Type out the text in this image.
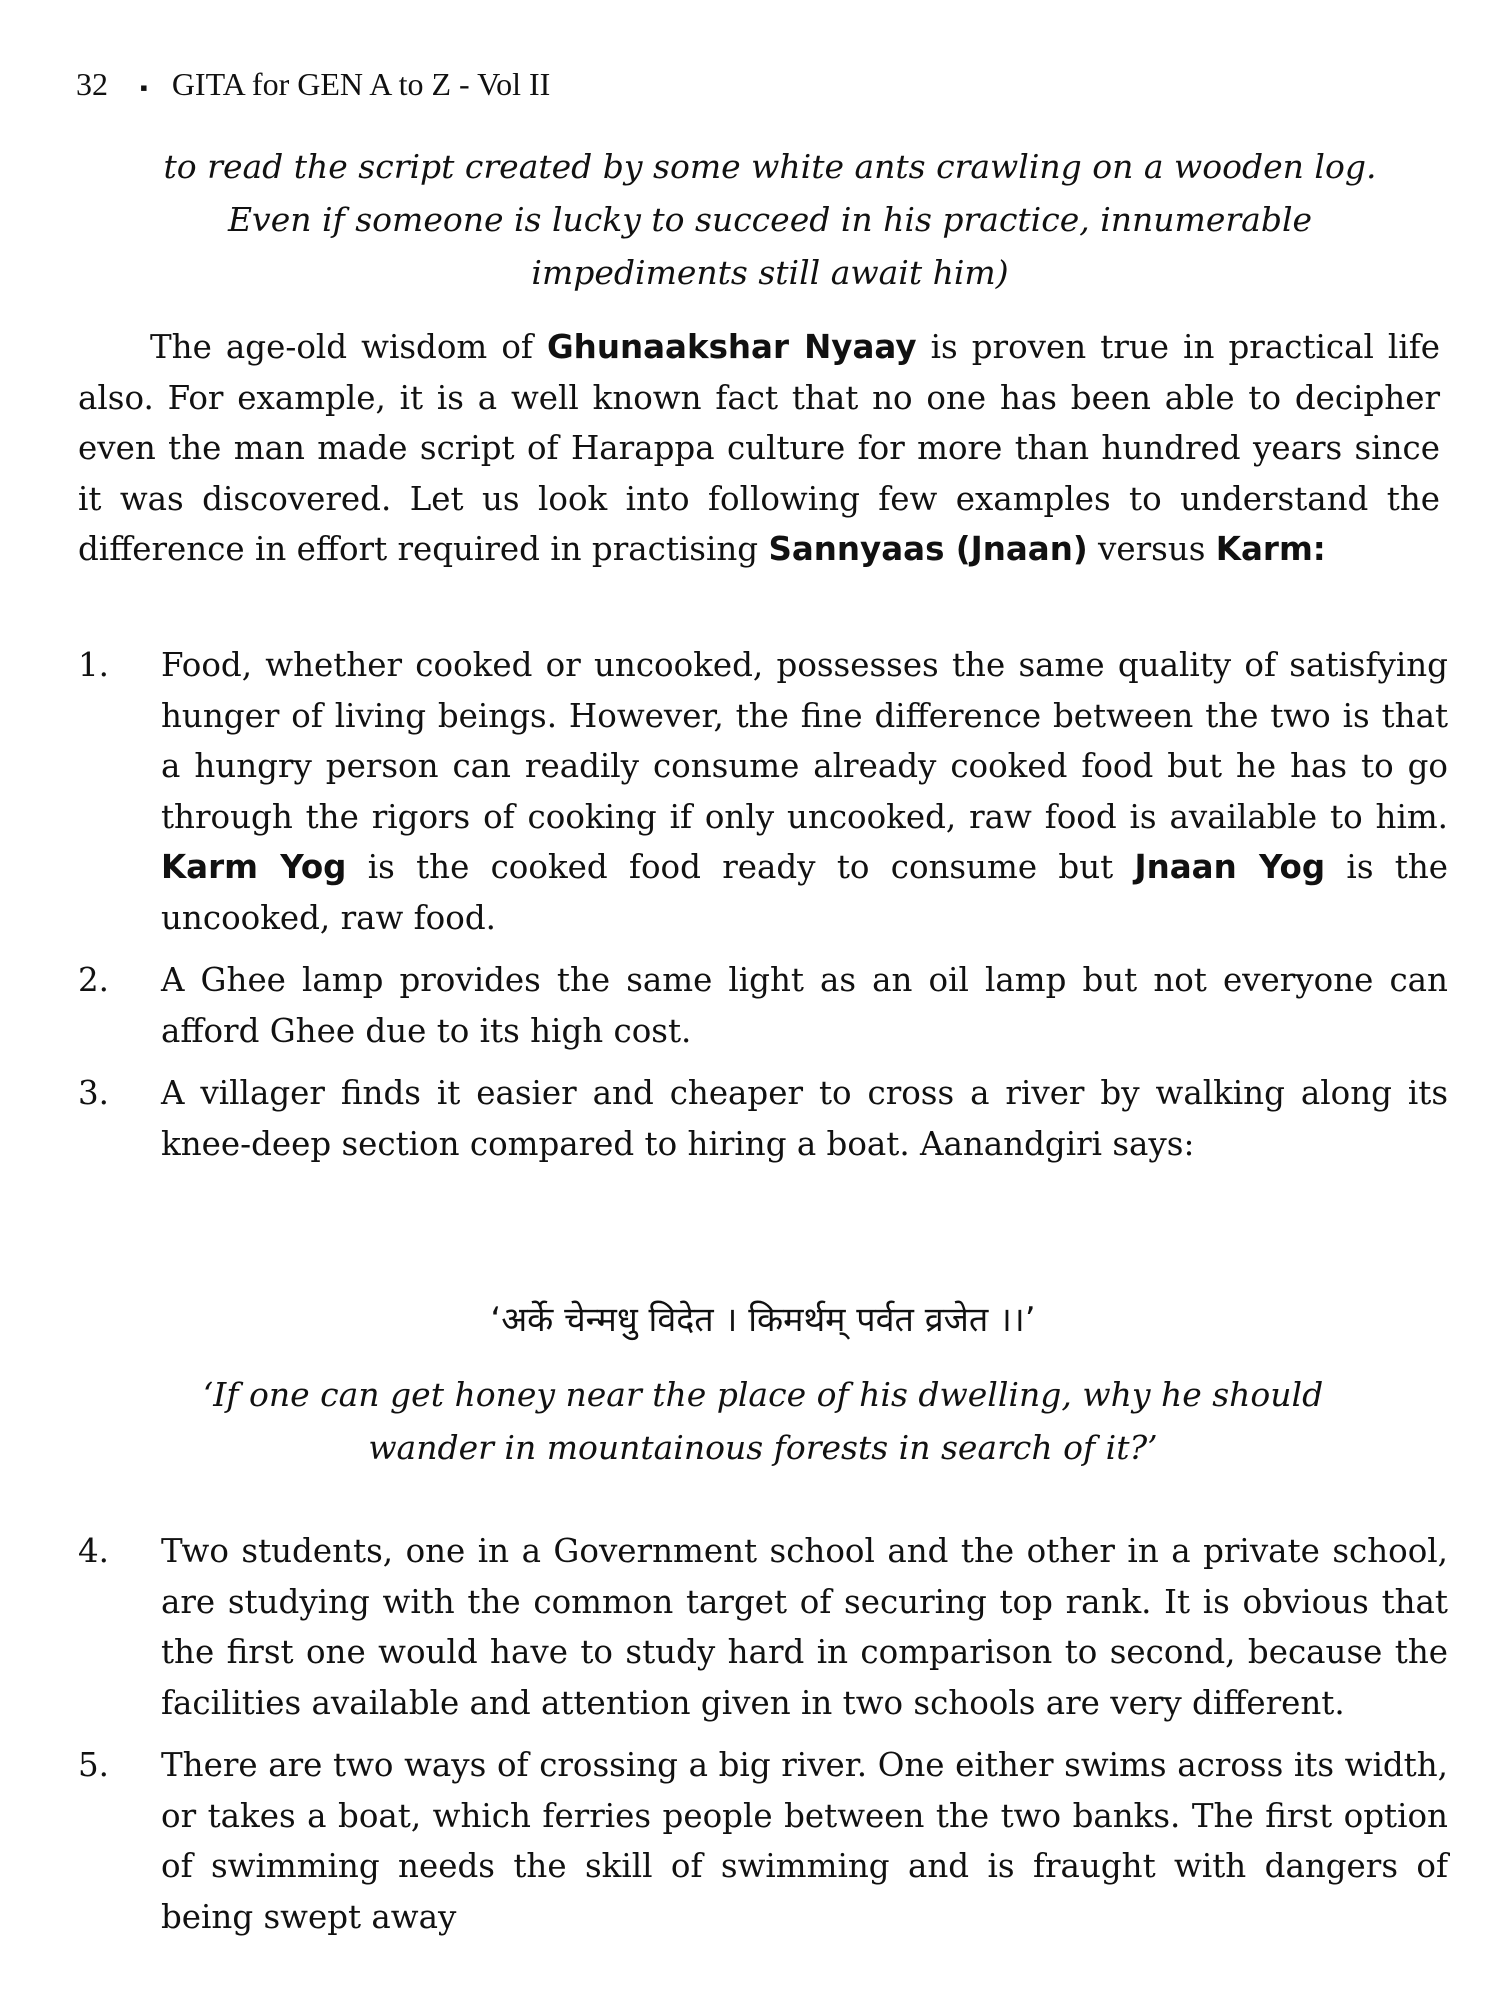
32 ▪ GITA for GEN A to Z - Vol II

to read the script created by some white ants crawling on a wooden log. Even if someone is lucky to succeed in his practice, innumerable impediments still await him)

The age-old wisdom of Ghunaakshar Nyaay is proven true in practical life also. For example, it is a well known fact that no one has been able to decipher even the man made script of Harappa culture for more than hundred years since it was discovered. Let us look into following few examples to understand the difference in effort required in practising Sannyaas (Jnaan) versus Karm:

1. Food, whether cooked or uncooked, possesses the same quality of satisfying hunger of living beings. However, the fine difference between the two is that a hungry person can readily consume already cooked food but he has to go through the rigors of cooking if only uncooked, raw food is available to him. Karm Yog is the cooked food ready to consume but Jnaan Yog is the uncooked, raw food.
2. A Ghee lamp provides the same light as an oil lamp but not everyone can afford Ghee due to its high cost.
3. A villager finds it easier and cheaper to cross a river by walking along its knee-deep section compared to hiring a boat. Aanandgiri says:
‘अर्के चेन्मधु विदेत । किमर्थम् पर्वत व्रजेत ।।’

‘If one can get honey near the place of his dwelling, why he should wander in mountainous forests in search of it?’

4. Two students, one in a Government school and the other in a private school, are studying with the common target of securing top rank. It is obvious that the first one would have to study hard in comparison to second, because the facilities available and attention given in two schools are very different.
5. There are two ways of crossing a big river. One either swims across its width, or takes a boat, which ferries people between the two banks. The first option of swimming needs the skill of swimming and is fraught with dangers of being swept away
